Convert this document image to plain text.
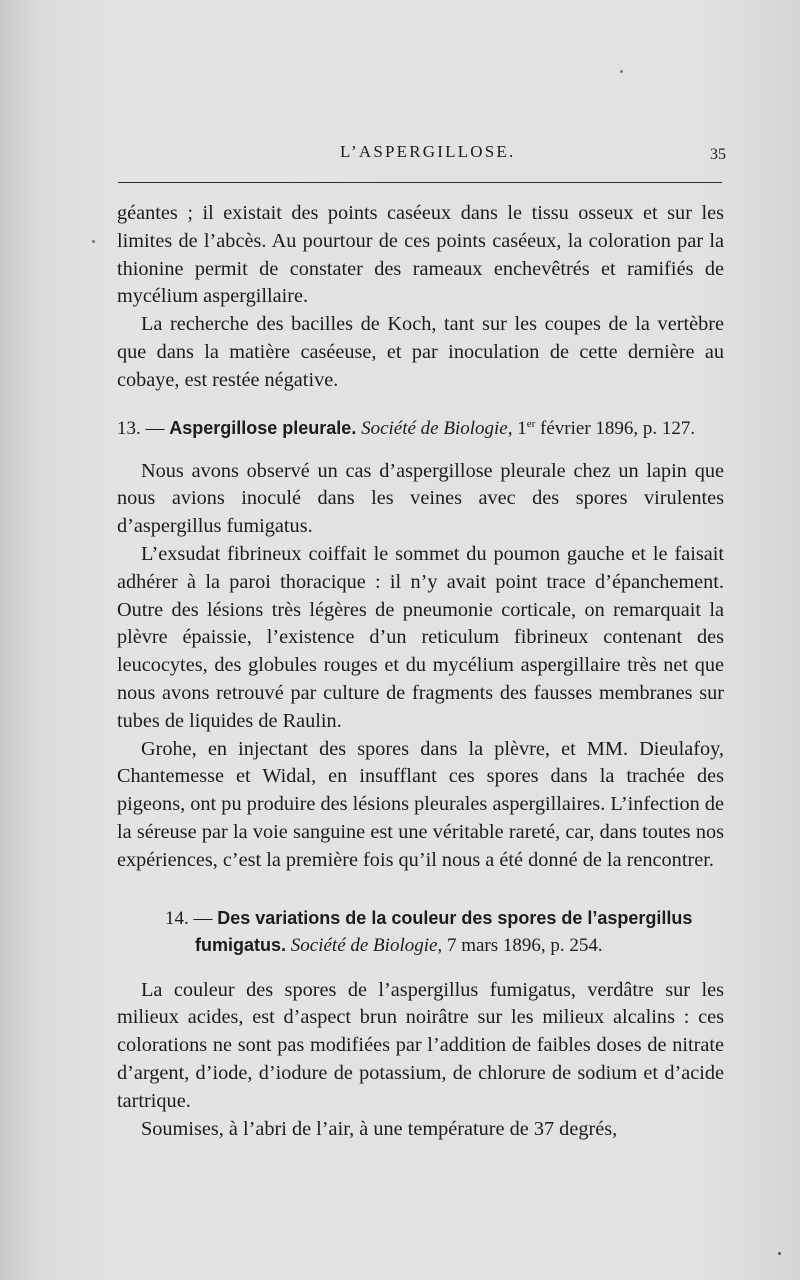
L’ASPERGILLOSE.	35

géantes ; il existait des points caséeux dans le tissu osseux et sur les limites de l’abcès. Au pourtour de ces points caséeux, la coloration par la thionine permit de constater des rameaux enchevêtrés et ramifiés de mycélium aspergillaire.

La recherche des bacilles de Koch, tant sur les coupes de la vertèbre que dans la matière caséeuse, et par inoculation de cette dernière au cobaye, est restée négative.

13. — Aspergillose pleurale. Société de Biologie, 1er février 1896, p. 127.

Nous avons observé un cas d’aspergillose pleurale chez un lapin que nous avions inoculé dans les veines avec des spores virulentes d’aspergillus fumigatus.

L’exsudat fibrineux coiffait le sommet du poumon gauche et le faisait adhérer à la paroi thoracique : il n’y avait point trace d’épanchement. Outre des lésions très légères de pneumonie corticale, on remarquait la plèvre épaissie, l’existence d’un reticulum fibrineux contenant des leucocytes, des globules rouges et du mycélium aspergillaire très net que nous avons retrouvé par culture de fragments des fausses membranes sur tubes de liquides de Raulin.

Grohe, en injectant des spores dans la plèvre, et MM. Dieulafoy, Chantemesse et Widal, en insufflant ces spores dans la trachée des pigeons, ont pu produire des lésions pleurales aspergillaires. L’infection de la séreuse par la voie sanguine est une véritable rareté, car, dans toutes nos expériences, c’est la première fois qu’il nous a été donné de la rencontrer.

14. — Des variations de la couleur des spores de l’aspergillus
fumigatus. Société de Biologie, 7 mars 1896, p. 254.

La couleur des spores de l’aspergillus fumigatus, verdâtre sur les milieux acides, est d’aspect brun noirâtre sur les milieux alcalins : ces colorations ne sont pas modifiées par l’addition de faibles doses de nitrate d’argent, d’iode, d’iodure de potassium, de chlorure de sodium et d’acide tartrique.

Soumises, à l’abri de l’air, à une température de 37 degrés,
